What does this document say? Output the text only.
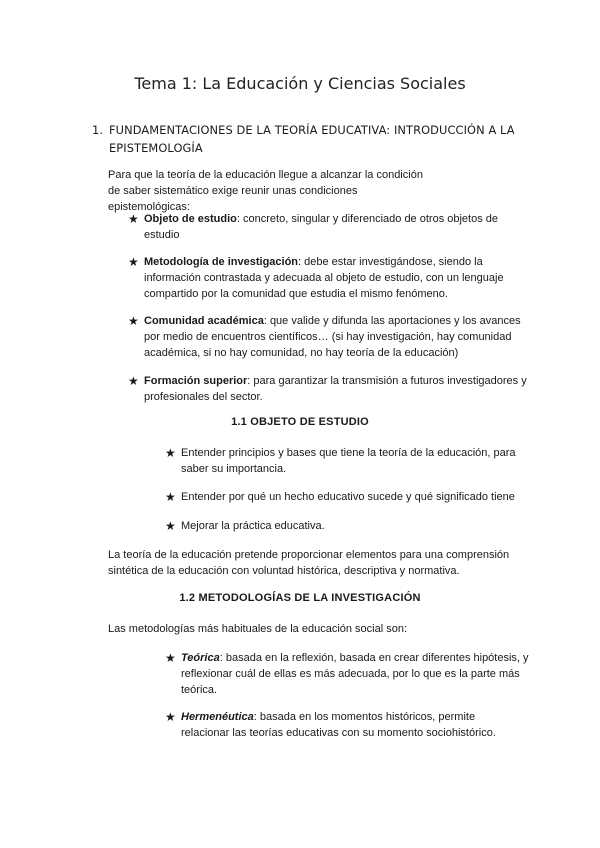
Tema 1: La Educación y Ciencias Sociales
1. FUNDAMENTACIONES DE LA TEORÍA EDUCATIVA: INTRODUCCIÓN A LA EPISTEMOLOGÍA
Para que la teoría de la educación llegue a alcanzar la condición de saber sistemático exige reunir unas condiciones epistemológicas:
★ Objeto de estudio: concreto, singular y diferenciado de otros objetos de estudio
★ Metodología de investigación: debe estar investigándose, siendo la información contrastada y adecuada al objeto de estudio, con un lenguaje compartido por la comunidad que estudia el mismo fenómeno.
★ Comunidad académica: que valide y difunda las aportaciones y los avances por medio de encuentros científicos… (si hay investigación, hay comunidad académica, si no hay comunidad, no hay teoría de la educación)
★ Formación superior: para garantizar la transmisión a futuros investigadores y profesionales del sector.
1.1 OBJETO DE ESTUDIO
★ Entender principios y bases que tiene la teoría de la educación, para saber su importancia.
★ Entender por qué un hecho educativo sucede y qué significado tiene
★ Mejorar la práctica educativa.
La teoría de la educación pretende proporcionar elementos para una comprensión sintética de la educación con voluntad histórica, descriptiva y normativa.
1.2 METODOLOGÍAS DE LA INVESTIGACIÓN
Las metodologías más habituales de la educación social son:
★ Teórica: basada en la reflexión, basada en crear diferentes hipótesis, y reflexionar cuál de ellas es más adecuada, por lo que es la parte más teórica.
★ Hermenéutica: basada en los momentos históricos, permite relacionar las teorías educativas con su momento sociohistórico.
